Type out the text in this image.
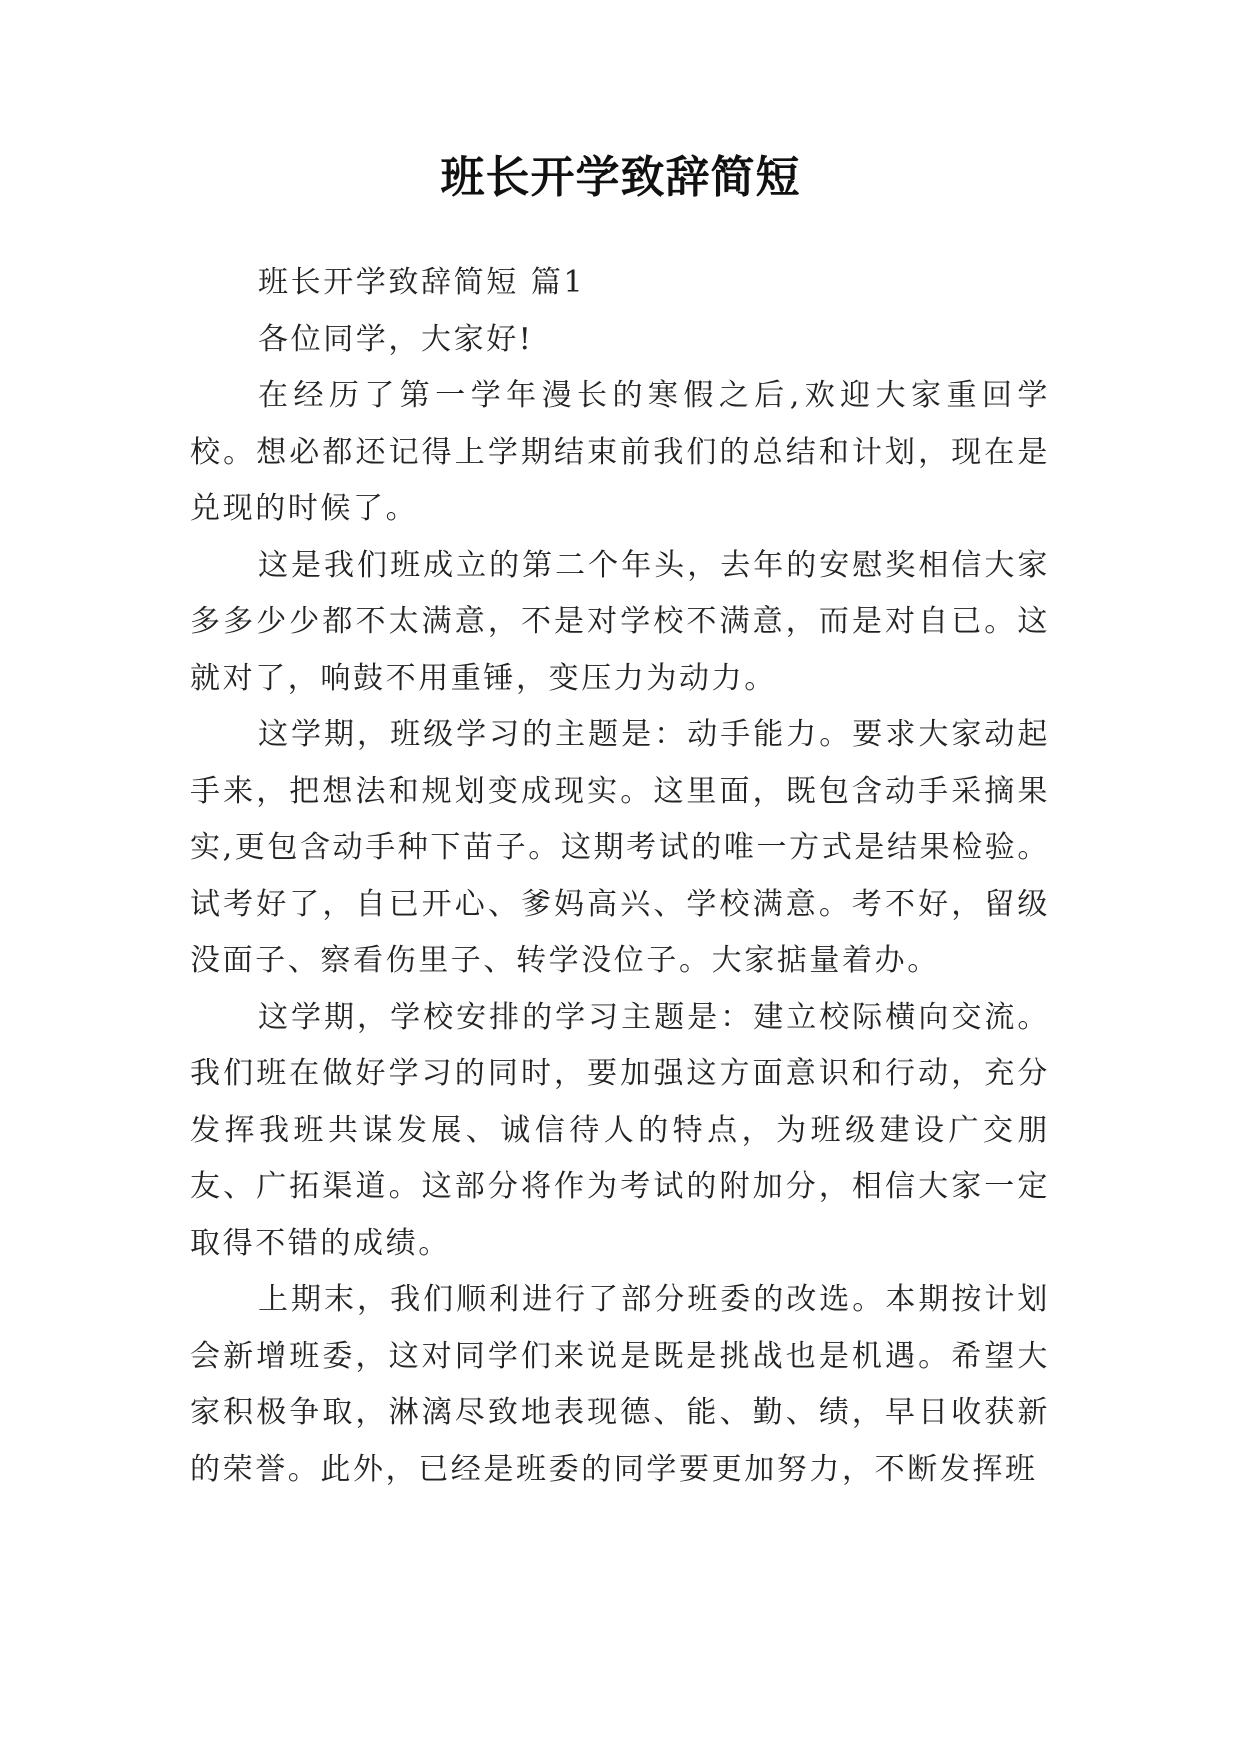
班长开学致辞简短

班长开学致辞简短 篇1

各位同学，大家好!

在经历了第一学年漫长的寒假之后,欢迎大家重回学校。想必都还记得上学期结束前我们的总结和计划，现在是兑现的时候了。

这是我们班成立的第二个年头，去年的安慰奖相信大家多多少少都不太满意，不是对学校不满意，而是对自已。这就对了，响鼓不用重锤，变压力为动力。

这学期，班级学习的主题是：动手能力。要求大家动起手来，把想法和规划变成现实。这里面，既包含动手采摘果实,更包含动手种下苗子。这期考试的唯一方式是结果检验。试考好了，自已开心、爹妈高兴、学校满意。考不好，留级没面子、察看伤里子、转学没位子。大家掂量着办。

这学期，学校安排的学习主题是：建立校际横向交流。我们班在做好学习的同时，要加强这方面意识和行动，充分发挥我班共谋发展、诚信待人的特点，为班级建设广交朋友、广拓渠道。这部分将作为考试的附加分，相信大家一定取得不错的成绩。

上期末，我们顺利进行了部分班委的改选。本期按计划会新增班委，这对同学们来说是既是挑战也是机遇。希望大家积极争取，淋漓尽致地表现德、能、勤、绩，早日收获新的荣誉。此外，已经是班委的同学要更加努力，不断发挥班
